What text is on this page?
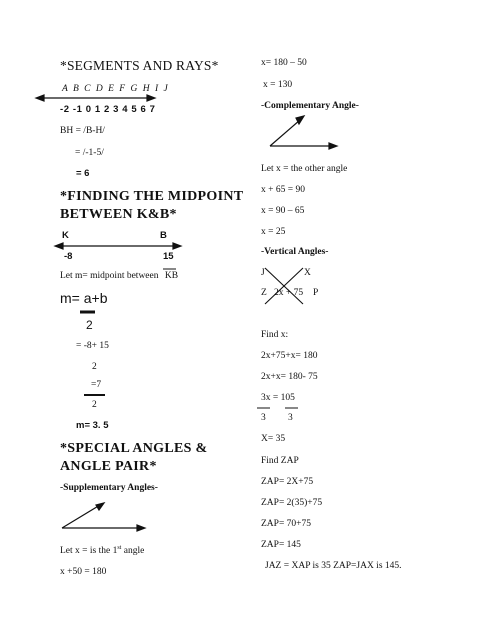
*SEGMENTS AND RAYS*
A B C D E F G H I J
-2 -1 0 1 2 3 4 5 6 7
BH = /B-H/
= /-1-5/
= 6
*FINDING THE MIDPOINT
BETWEEN K&B*
K	B
-8	15
Let m= midpoint between KB
m= a+b
2
= -8+ 15
2
=7
2
m= 3. 5
*SPECIAL ANGLES &
ANGLE PAIR*
-Supplementary Angles-
Let x = is the 1st angle
x +50 = 180
x= 180 – 50
x = 130
-Complementary Angle-
Let x = the other angle
x + 65 = 90
x = 90 – 65
x = 25
-Vertical Angles-
J	X
Z 2x + 75 P
Find x:
2x+75+x= 180
2x+x= 180- 75
3x = 105
3 3
X= 35
Find ZAP
ZAP= 2X+75
ZAP= 2(35)+75
ZAP= 70+75
ZAP= 145
JAZ = XAP is 35 ZAP=JAX is 145.
